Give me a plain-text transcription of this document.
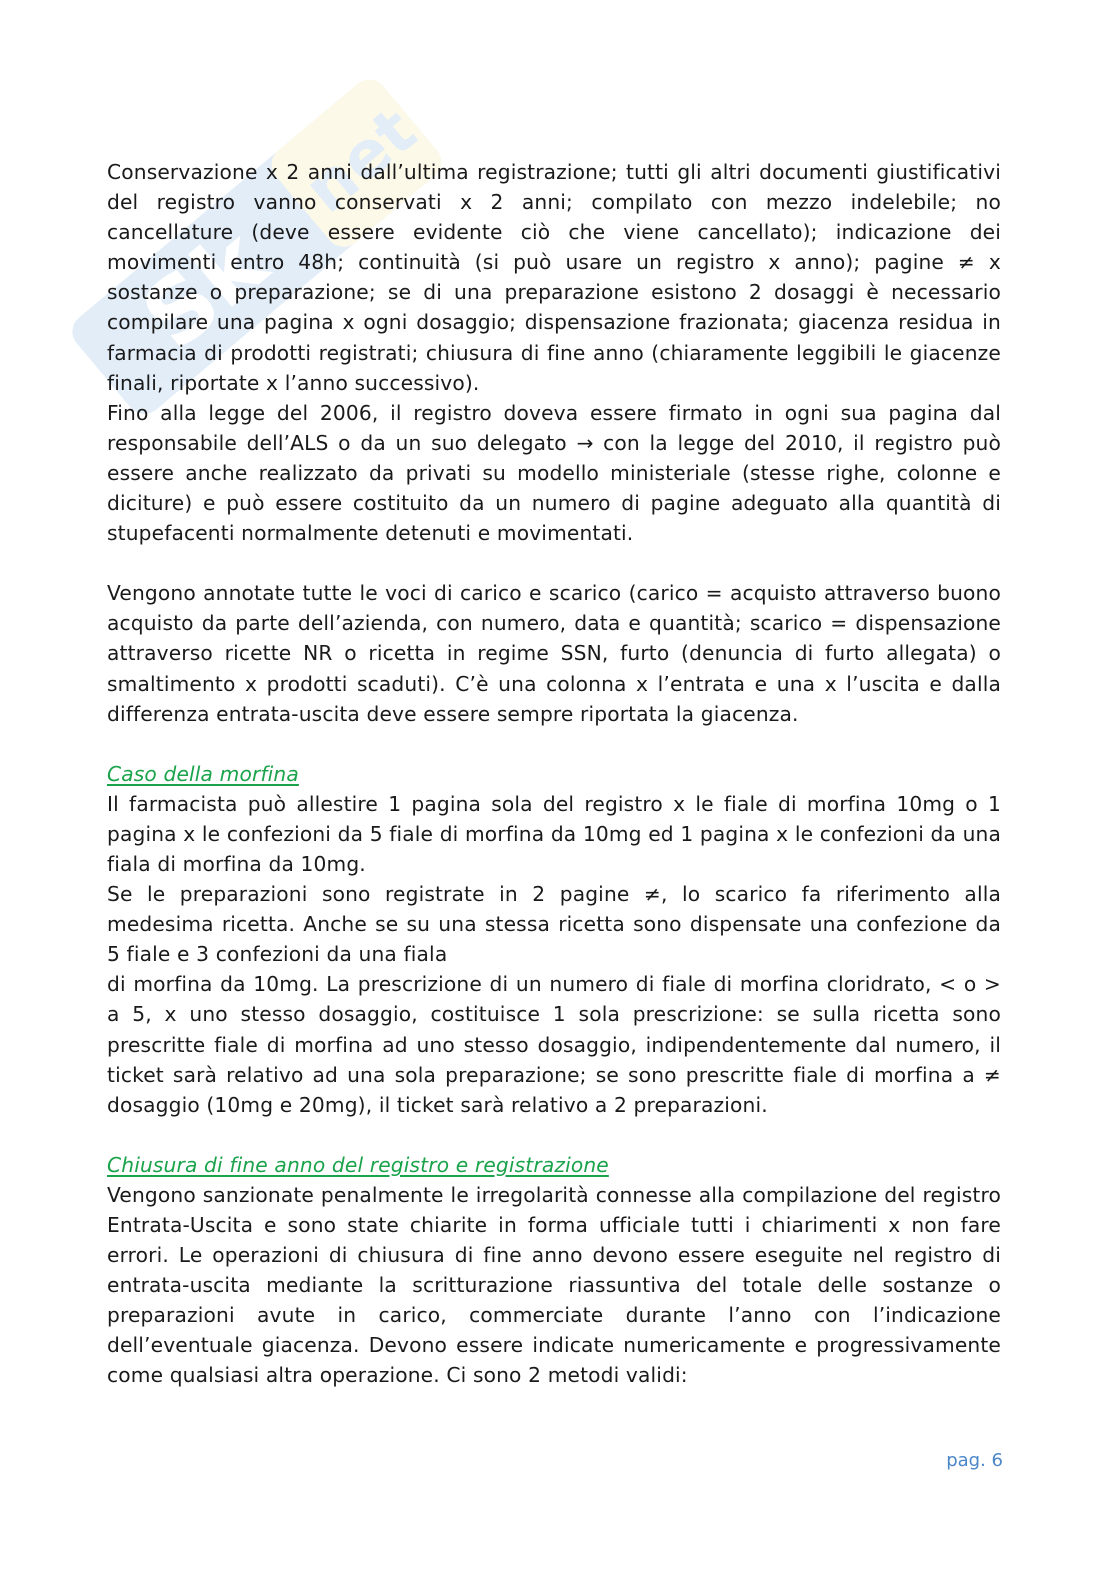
Sk
net

Conservazione x 2 anni dall’ultima registrazione; tutti gli altri documenti giustificativi del registro vanno conservati x 2 anni; compilato con mezzo indelebile; no cancellature (deve essere evidente ciò che viene cancellato); indicazione dei movimenti entro 48h; continuità (si può usare un registro x anno); pagine ≠ x sostanze o preparazione; se di una preparazione esistono 2 dosaggi è necessario compilare una pagina x ogni dosaggio; dispensazione frazionata; giacenza residua in farmacia di prodotti registrati; chiusura di fine anno (chiaramente leggibili le giacenze finali, riportate x l’anno successivo).

Fino alla legge del 2006, il registro doveva essere firmato in ogni sua pagina dal responsabile dell’ALS o da un suo delegato → con la legge del 2010, il registro può essere anche realizzato da privati su modello ministeriale (stesse righe, colonne e diciture) e può essere costituito da un numero di pagine adeguato alla quantità di stupefacenti normalmente detenuti e movimentati.

Vengono annotate tutte le voci di carico e scarico (carico = acquisto attraverso buono acquisto da parte dell’azienda, con numero, data e quantità; scarico = dispensazione attraverso ricette NR o ricetta in regime SSN, furto (denuncia di furto allegata) o smaltimento x prodotti scaduti). C’è una colonna x l’entrata e una x l’uscita e dalla differenza entrata-uscita deve essere sempre riportata la giacenza.

Caso della morfina

Il farmacista può allestire 1 pagina sola del registro x le fiale di morfina 10mg o 1 pagina x le confezioni da 5 fiale di morfina da 10mg ed 1 pagina x le confezioni da una fiala di morfina da 10mg.

Se le preparazioni sono registrate in 2 pagine ≠, lo scarico fa riferimento alla medesima ricetta. Anche se su una stessa ricetta sono dispensate una confezione da 5 fiale e 3 confezioni da una fiala

di morfina da 10mg. La prescrizione di un numero di fiale di morfina cloridrato, < o > a 5, x uno stesso dosaggio, costituisce 1 sola prescrizione: se sulla ricetta sono prescritte fiale di morfina ad uno stesso dosaggio, indipendentemente dal numero, il ticket sarà relativo ad una sola preparazione; se sono prescritte fiale di morfina a ≠ dosaggio (10mg e 20mg), il ticket sarà relativo a 2 preparazioni.

Chiusura di fine anno del registro e registrazione

Vengono sanzionate penalmente le irregolarità connesse alla compilazione del registro Entrata-Uscita e sono state chiarite in forma ufficiale tutti i chiarimenti x non fare errori. Le operazioni di chiusura di fine anno devono essere eseguite nel registro di entrata-uscita mediante la scritturazione riassuntiva del totale delle sostanze o preparazioni avute in carico, commerciate durante l’anno con l’indicazione dell’eventuale giacenza. Devono essere indicate numericamente e progressivamente come qualsiasi altra operazione. Ci sono 2 metodi validi:

pag. 6
